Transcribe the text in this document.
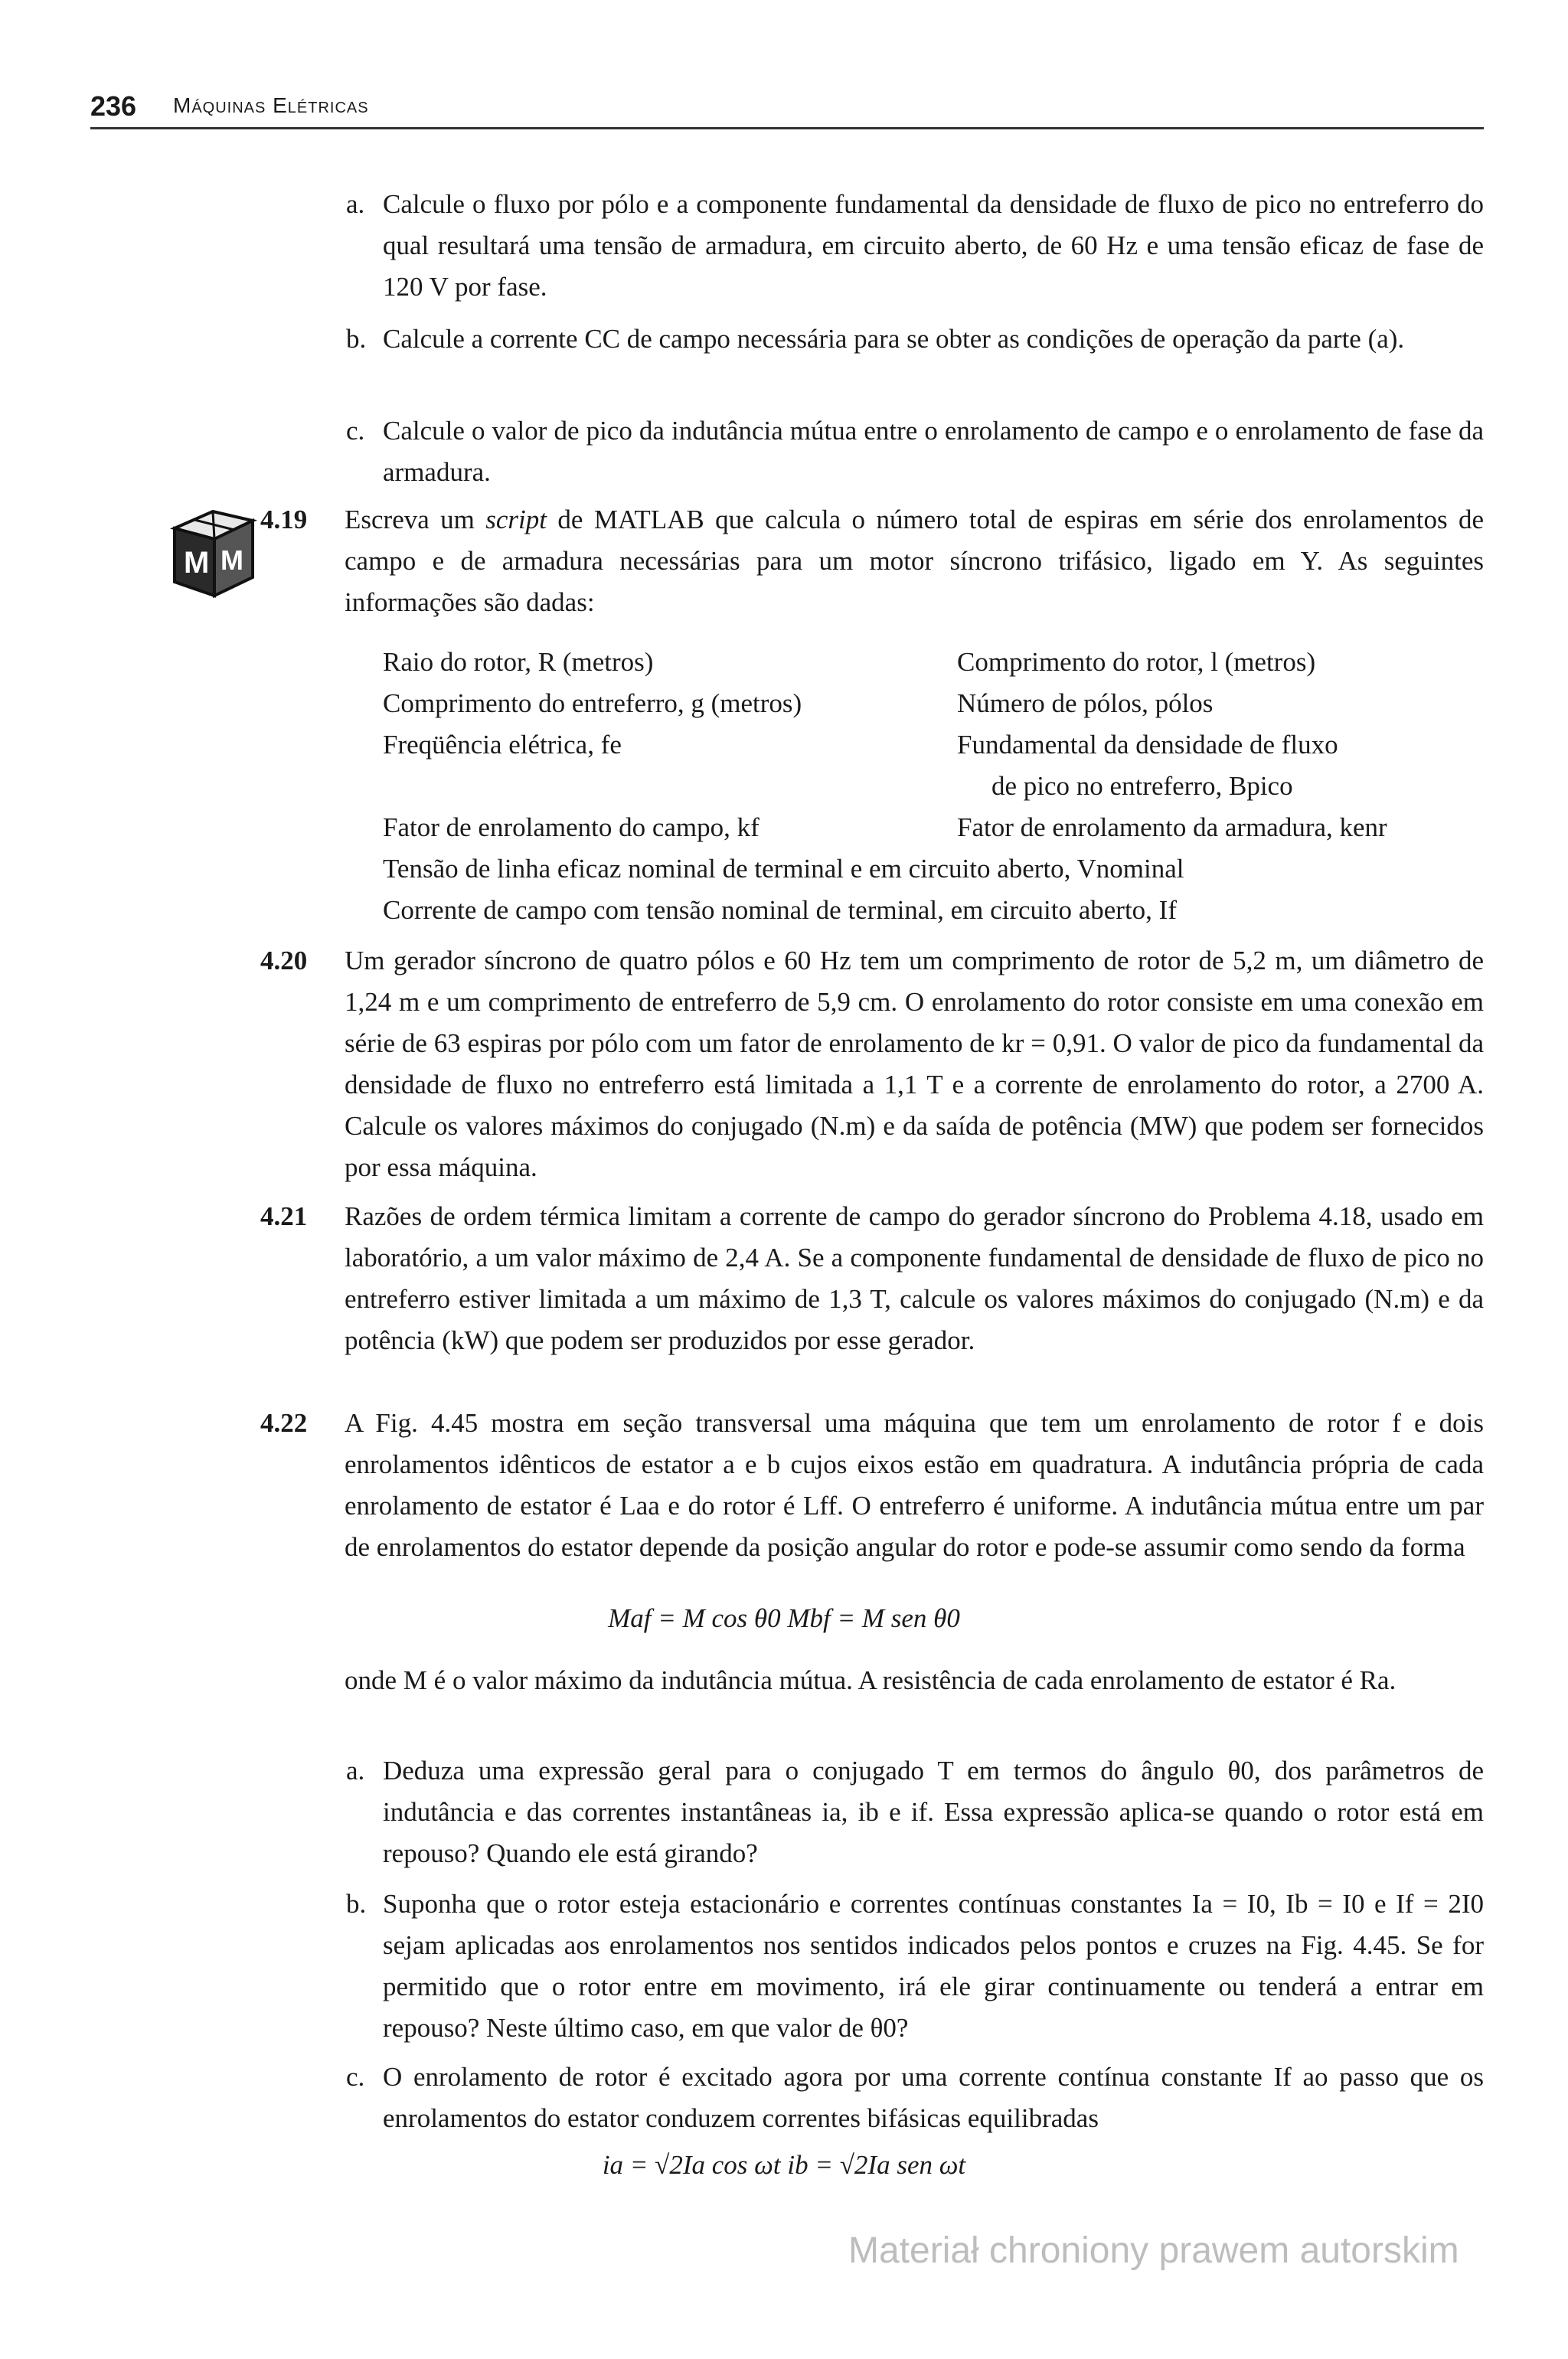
236 Máquinas Elétricas
a. Calcule o fluxo por pólo e a componente fundamental da densidade de fluxo de pico no entreferro do qual resultará uma tensão de armadura, em circuito aberto, de 60 Hz e uma tensão eficaz de fase de 120 V por fase.
b. Calcule a corrente CC de campo necessária para se obter as condições de operação da parte (a).
c. Calcule o valor de pico da indutância mútua entre o enrolamento de campo e o enrolamento de fase da armadura.
M M
4.19 Escreva um script de MATLAB que calcula o número total de espiras em série dos enrolamentos de campo e de armadura necessárias para um motor síncrono trifásico, ligado em Y. As seguintes informações são dadas:
Raio do rotor, R (metros)	Comprimento do rotor, l (metros)
Comprimento do entreferro, g (metros)	Número de pólos, pólos
Freqüência elétrica, fe	Fundamental da densidade de fluxo
de pico no entreferro, Bpico
Fator de enrolamento do campo, kf	Fator de enrolamento da armadura, kenr
Tensão de linha eficaz nominal de terminal e em circuito aberto, Vnominal
Corrente de campo com tensão nominal de terminal, em circuito aberto, If
4.20 Um gerador síncrono de quatro pólos e 60 Hz tem um comprimento de rotor de 5,2 m, um diâmetro de 1,24 m e um comprimento de entreferro de 5,9 cm. O enrolamento do rotor consiste em uma conexão em série de 63 espiras por pólo com um fator de enrolamento de kr = 0,91. O valor de pico da fundamental da densidade de fluxo no entreferro está limitada a 1,1 T e a corrente de enrolamento do rotor, a 2700 A. Calcule os valores máximos do conjugado (N.m) e da saída de potência (MW) que podem ser fornecidos por essa máquina.
4.21 Razões de ordem térmica limitam a corrente de campo do gerador síncrono do Problema 4.18, usado em laboratório, a um valor máximo de 2,4 A. Se a componente fundamental de densidade de fluxo de pico no entreferro estiver limitada a um máximo de 1,3 T, calcule os valores máximos do conjugado (N.m) e da potência (kW) que podem ser produzidos por esse gerador.
4.22 A Fig. 4.45 mostra em seção transversal uma máquina que tem um enrolamento de rotor f e dois enrolamentos idênticos de estator a e b cujos eixos estão em quadratura. A indutância própria de cada enrolamento de estator é Laa e do rotor é Lff. O entreferro é uniforme. A indutância mútua entre um par de enrolamentos do estator depende da posição angular do rotor e pode-se assumir como sendo da forma
Maf = M cos θ0 Mbf = M sen θ0
onde M é o valor máximo da indutância mútua. A resistência de cada enrolamento de estator é Ra.
a. Deduza uma expressão geral para o conjugado T em termos do ângulo θ0, dos parâmetros de indutância e das correntes instantâneas ia, ib e if. Essa expressão aplica-se quando o rotor está em repouso? Quando ele está girando?
b. Suponha que o rotor esteja estacionário e correntes contínuas constantes Ia = I0, Ib = I0 e If = 2I0 sejam aplicadas aos enrolamentos nos sentidos indicados pelos pontos e cruzes na Fig. 4.45. Se for permitido que o rotor entre em movimento, irá ele girar continuamente ou tenderá a entrar em repouso? Neste último caso, em que valor de θ0?
c. O enrolamento de rotor é excitado agora por uma corrente contínua constante If ao passo que os enrolamentos do estator conduzem correntes bifásicas equilibradas
ia = √2Ia cos ωt ib = √2Ia sen ωt
Materiał chroniony prawem autorskim
